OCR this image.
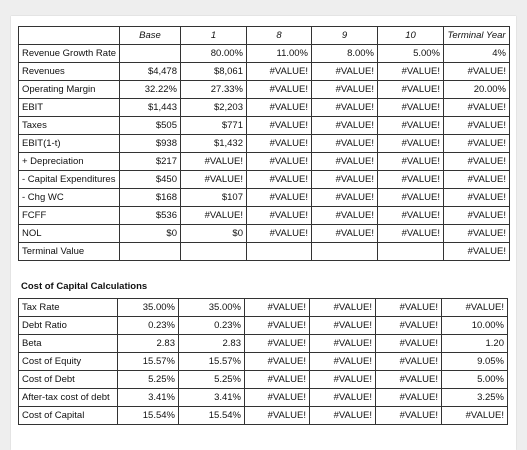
	Base	1	8	9	10	Terminal Year
Revenue Growth Rate		80.00%	11.00%	8.00%	5.00%	4%
Revenues	$4,478	$8,061	#VALUE!	#VALUE!	#VALUE!	#VALUE!
Operating Margin	32.22%	27.33%	#VALUE!	#VALUE!	#VALUE!	20.00%
EBIT	$1,443	$2,203	#VALUE!	#VALUE!	#VALUE!	#VALUE!
Taxes	$505	$771	#VALUE!	#VALUE!	#VALUE!	#VALUE!
EBIT(1-t)	$938	$1,432	#VALUE!	#VALUE!	#VALUE!	#VALUE!
+ Depreciation	$217	#VALUE!	#VALUE!	#VALUE!	#VALUE!	#VALUE!
- Capital Expenditures	$450	#VALUE!	#VALUE!	#VALUE!	#VALUE!	#VALUE!
- Chg WC	$168	$107	#VALUE!	#VALUE!	#VALUE!	#VALUE!
FCFF	$536	#VALUE!	#VALUE!	#VALUE!	#VALUE!	#VALUE!
NOL	$0	$0	#VALUE!	#VALUE!	#VALUE!	#VALUE!
Terminal Value						#VALUE!
Cost of Capital Calculations
Tax Rate	35.00%	35.00%	#VALUE!	#VALUE!	#VALUE!	#VALUE!
Debt Ratio	0.23%	0.23%	#VALUE!	#VALUE!	#VALUE!	10.00%
Beta	2.83	2.83	#VALUE!	#VALUE!	#VALUE!	1.20
Cost of Equity	15.57%	15.57%	#VALUE!	#VALUE!	#VALUE!	9.05%
Cost of Debt	5.25%	5.25%	#VALUE!	#VALUE!	#VALUE!	5.00%
After-tax cost of debt	3.41%	3.41%	#VALUE!	#VALUE!	#VALUE!	3.25%
Cost of Capital	15.54%	15.54%	#VALUE!	#VALUE!	#VALUE!	#VALUE!
